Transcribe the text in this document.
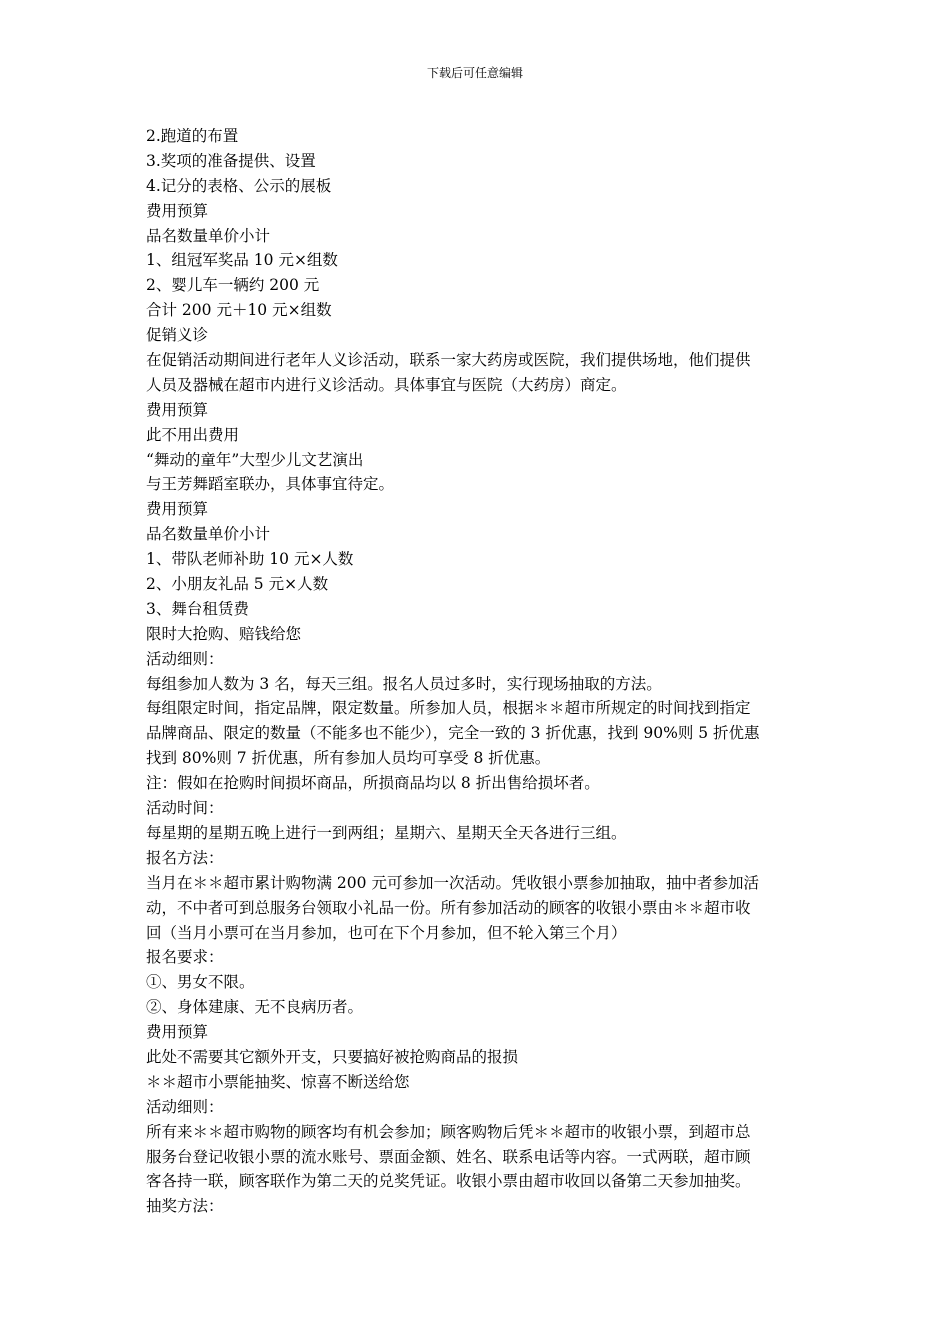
下载后可任意编辑
2.跑道的布置
3.奖项的准备提供、设置
4.记分的表格、公示的展板
费用预算
品名数量单价小计
1、组冠军奖品 10 元×组数
2、婴儿车一辆约 200 元
合计 200 元＋10 元×组数
促销义诊
在促销活动期间进行老年人义诊活动，联系一家大药房或医院，我们提供场地，他们提供
人员及器械在超市内进行义诊活动。具体事宜与医院（大药房）商定。
费用预算
此不用出费用
“舞动的童年”大型少儿文艺演出
与王芳舞蹈室联办，具体事宜待定。
费用预算
品名数量单价小计
1、带队老师补助 10 元×人数
2、小朋友礼品 5 元×人数
3、舞台租赁费
限时大抢购、赔钱给您
活动细则：
每组参加人数为 3 名，每天三组。报名人员过多时，实行现场抽取的方法。
每组限定时间，指定品牌，限定数量。所参加人员，根据＊＊超市所规定的时间找到指定
品牌商品、限定的数量（不能多也不能少），完全一致的 3 折优惠，找到 90%则 5 折优惠
找到 80%则 7 折优惠，所有参加人员均可享受 8 折优惠。
注：假如在抢购时间损坏商品，所损商品均以 8 折出售给损坏者。
活动时间：
每星期的星期五晚上进行一到两组；星期六、星期天全天各进行三组。
报名方法：
当月在＊＊超市累计购物满 200 元可参加一次活动。凭收银小票参加抽取，抽中者参加活
动，不中者可到总服务台领取小礼品一份。所有参加活动的顾客的收银小票由＊＊超市收
回（当月小票可在当月参加，也可在下个月参加，但不轮入第三个月）
报名要求：
①、男女不限。
②、身体建康、无不良病历者。
费用预算
此处不需要其它额外开支，只要搞好被抢购商品的报损
＊＊超市小票能抽奖、惊喜不断送给您
活动细则：
所有来＊＊超市购物的顾客均有机会参加；顾客购物后凭＊＊超市的收银小票，到超市总
服务台登记收银小票的流水账号、票面金额、姓名、联系电话等内容。一式两联，超市顾
客各持一联，顾客联作为第二天的兑奖凭证。收银小票由超市收回以备第二天参加抽奖。
抽奖方法：
